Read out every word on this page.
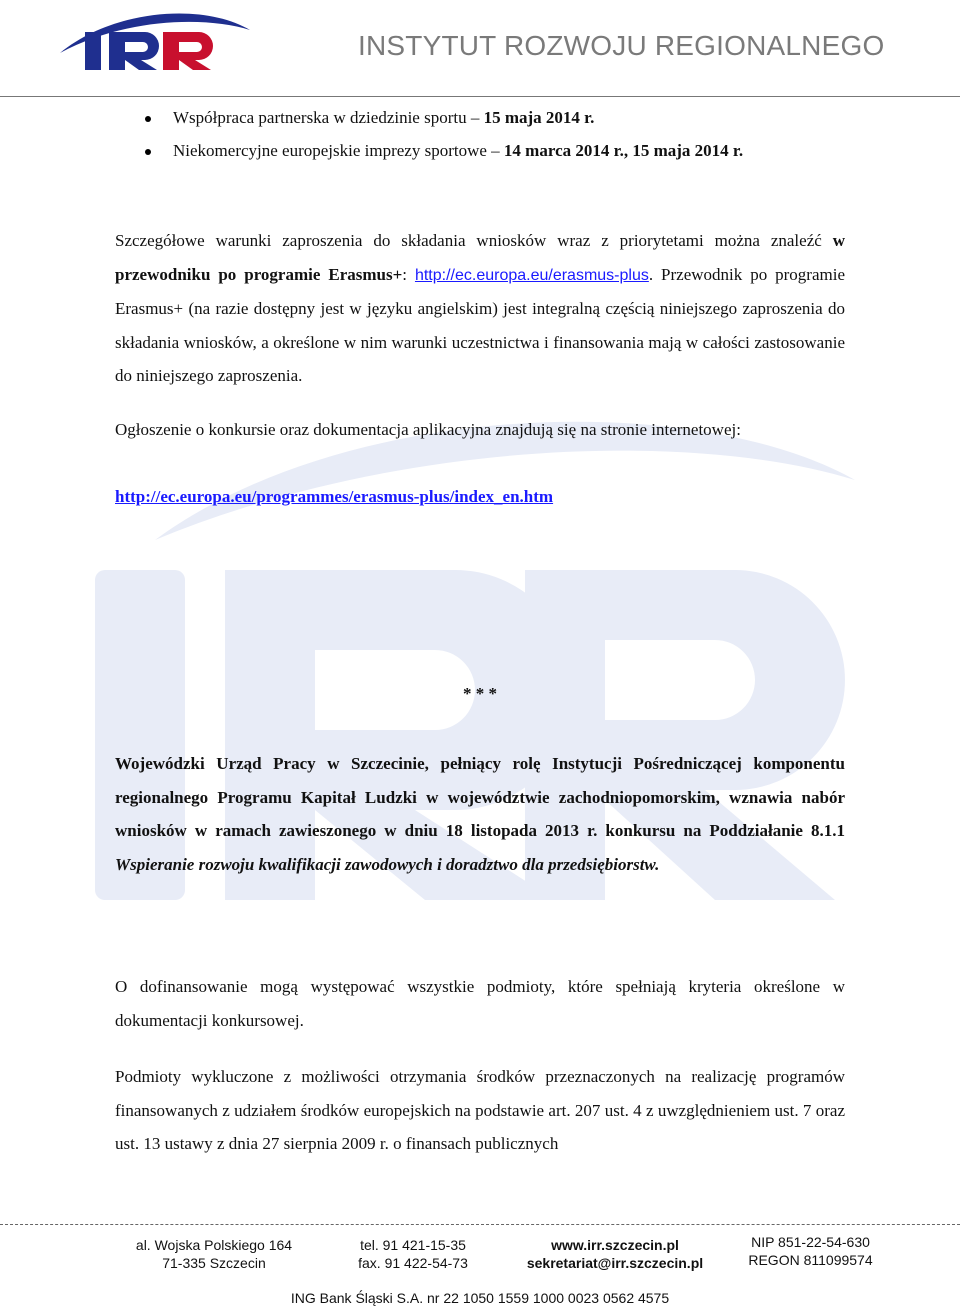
IRR
INSTYTUT ROZWOJU REGIONALNEGO
Współpraca partnerska w dziedzinie sportu – 15 maja 2014 r.
Niekomercyjne europejskie imprezy sportowe – 14 marca 2014 r., 15 maja 2014 r.
Szczegółowe warunki zaproszenia do składania wniosków wraz z priorytetami można znaleźć w przewodniku po programie Erasmus+: http://ec.europa.eu/erasmus-plus. Przewodnik po programie Erasmus+ (na razie dostępny jest w języku angielskim) jest integralną częścią niniejszego zaproszenia do składania wniosków, a określone w nim warunki uczestnictwa i finansowania mają w całości zastosowanie do niniejszego zaproszenia.
Ogłoszenie o konkursie oraz dokumentacja aplikacyjna znajdują się na stronie internetowej:
http://ec.europa.eu/programmes/erasmus-plus/index_en.htm
* * *
Wojewódzki Urząd Pracy w Szczecinie, pełniący rolę Instytucji Pośredniczącej komponentu regionalnego Programu Kapitał Ludzki w województwie zachodniopomorskim, wznawia nabór wniosków w ramach zawieszonego w dniu 18 listopada 2013 r. konkursu na Poddziałanie 8.1.1 Wspieranie rozwoju kwalifikacji zawodowych i doradztwo dla przedsiębiorstw.
O dofinansowanie mogą występować wszystkie podmioty, które spełniają kryteria określone w dokumentacji konkursowej.
Podmioty wykluczone z możliwości otrzymania środków przeznaczonych na realizację programów finansowanych z udziałem środków europejskich na podstawie art. 207 ust. 4 z uwzględnieniem ust. 7 oraz ust. 13 ustawy z dnia 27 sierpnia 2009 r. o finansach publicznych
al. Wojska Polskiego 164
71-335 Szczecin
tel. 91 421-15-35
fax. 91 422-54-73
www.irr.szczecin.pl
sekretariat@irr.szczecin.pl
NIP 851-22-54-630
REGON 811099574
ING Bank Śląski S.A. nr 22 1050 1559 1000 0023 0562 4575
